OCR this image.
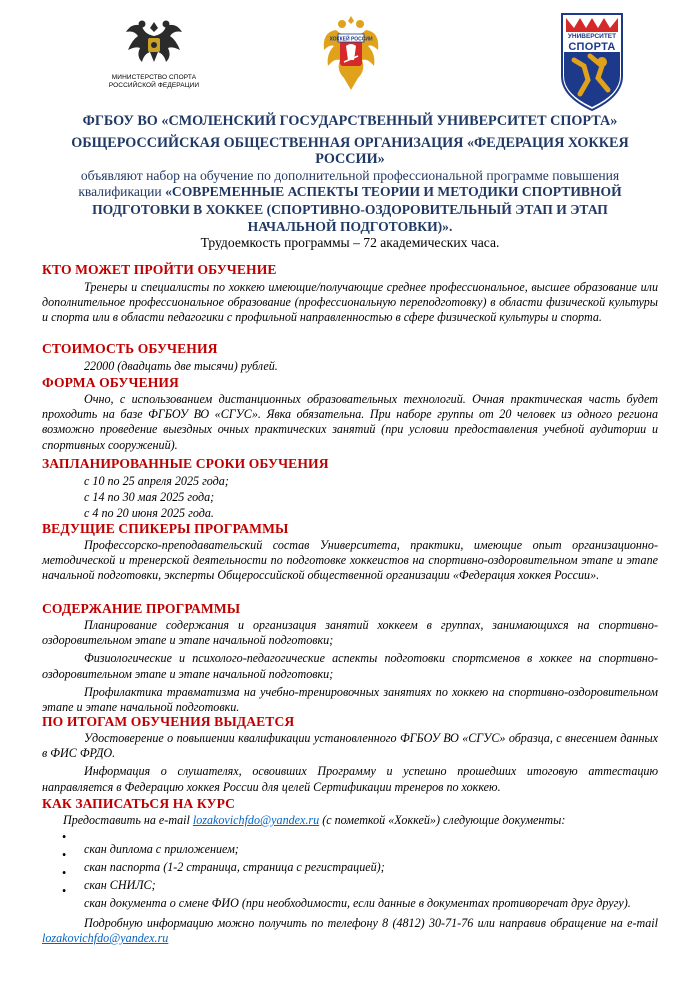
МИНИСТЕРСТВО СПОРТА
РОССИЙСКОЙ ФЕДЕРАЦИИ
ХОККЕЙ РОССИИ	УНИВЕРСИТЕТ
СПОРТА

ФГБОУ ВО «СМОЛЕНСКИЙ ГОСУДАРСТВЕННЫЙ УНИВЕРСИТЕТ СПОРТА»

ОБЩЕРОССИЙСКАЯ ОБЩЕСТВЕННАЯ ОРГАНИЗАЦИЯ «ФЕДЕРАЦИЯ ХОККЕЯ

РОССИИ»

объявляют набор на обучение по дополнительной профессиональной программе повышения

квалификации «СОВРЕМЕННЫЕ АСПЕКТЫ ТЕОРИИ И МЕТОДИКИ СПОРТИВНОЙ

ПОДГОТОВКИ В ХОККЕЕ (СПОРТИВНО-ОЗДОРОВИТЕЛЬНЫЙ ЭТАП И ЭТАП

НАЧАЛЬНОЙ ПОДГОТОВКИ)».

Трудоемкость программы – 72 академических часа.

КТО МОЖЕТ ПРОЙТИ ОБУЧЕНИЕ

Тренеры и специалисты по хоккею имеющие/получающие среднее профессиональное, высшее образование или дополнительное профессиональное образование (профессиональную переподготовку) в области физической культуры и спорта или в области педагогики с профильной направленностью в сфере физической культуры и спорта.

СТОИМОСТЬ ОБУЧЕНИЯ

22000 (двадцать две тысячи) рублей.

ФОРМА ОБУЧЕНИЯ

Очно, с использованием дистанционных образовательных технологий. Очная практическая часть будет проходить на базе ФГБОУ ВО «СГУС». Явка обязательна. При наборе группы от 20 человек из одного региона возможно проведение выездных очных практических занятий (при условии предоставления учебной аудитории и спортивных сооружений).

ЗАПЛАНИРОВАННЫЕ СРОКИ ОБУЧЕНИЯ

с 10 по 25 апреля 2025 года;

с 14 по 30 мая 2025 года;

с 4 по 20 июня 2025 года.

ВЕДУЩИЕ СПИКЕРЫ ПРОГРАММЫ

Профессорско-преподавательский состав Университета, практики, имеющие опыт организационно-методической и тренерской деятельности по подготовке хоккеистов на спортивно-оздоровительном этапе и этапе начальной подготовки, эксперты Общероссийской общественной организации «Федерация хоккея России».

СОДЕРЖАНИЕ ПРОГРАММЫ

Планирование содержания и организация занятий хоккеем в группах, занимающихся на спортивно-оздоровительном этапе и этапе начальной подготовки;

Физиологические и психолого-педагогические аспекты подготовки спортсменов в хоккее на спортивно-оздоровительном этапе и этапе начальной подготовки;

Профилактика травматизма на учебно-тренировочных занятиях по хоккею на спортивно-оздоровительном этапе и этапе начальной подготовки.

ПО ИТОГАМ ОБУЧЕНИЯ ВЫДАЕТСЯ

Удостоверение о повышении квалификации установленного ФГБОУ ВО «СГУС» образца, с внесением данных в ФИС ФРДО.

Информация о слушателях, освоивших Программу и успешно прошедших итоговую аттестацию направляется в Федерацию хоккея России для целей Сертификации тренеров по хоккею.

КАК ЗАПИСАТЬСЯ НА КУРС

Предоставить на e-mail lozakovichfdo@yandex.ru (с пометкой «Хоккей») следующие документы:

•

скан диплома с приложением;

•

скан паспорта (1-2 страница, страница с регистрацией);

•

скан СНИЛС;

•

скан документа о смене ФИО (при необходимости, если данные в документах противоречат друг другу).

Подробную информацию можно получить по телефону 8 (4812) 30-71-76 или направив обращение на e-mail lozakovichfdo@yandex.ru
